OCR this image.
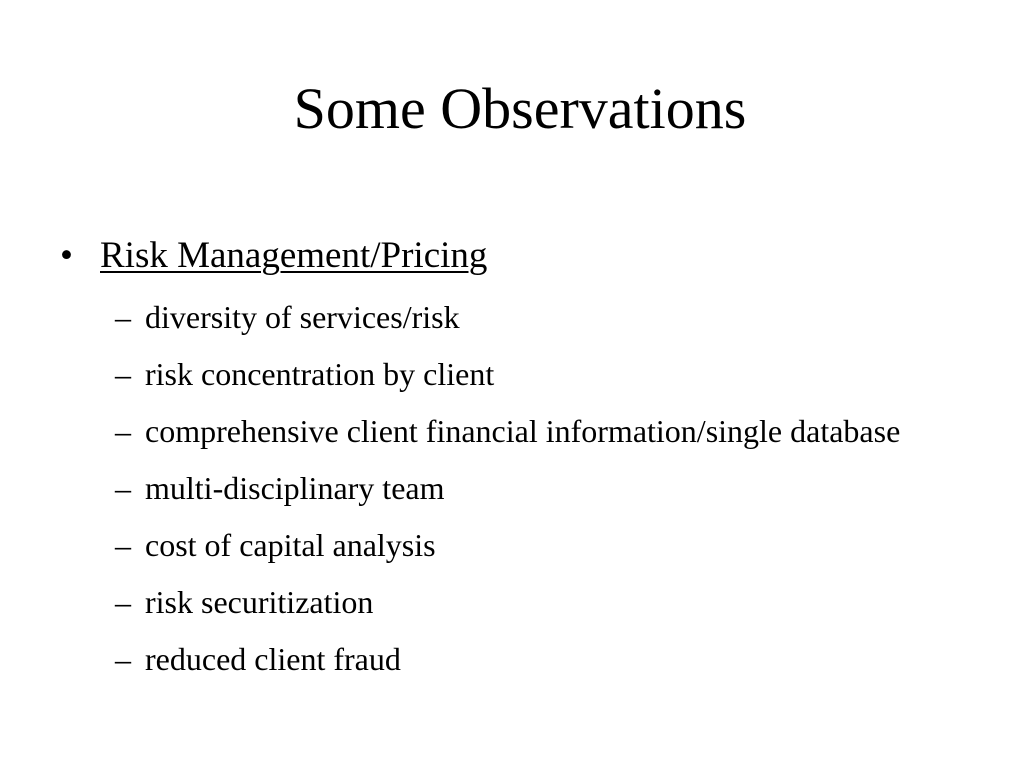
Some Observations
• Risk Management/Pricing
– diversity of services/risk
– risk concentration by client
– comprehensive client financial information/single database
– multi-disciplinary team
– cost of capital analysis
– risk securitization
– reduced client fraud
